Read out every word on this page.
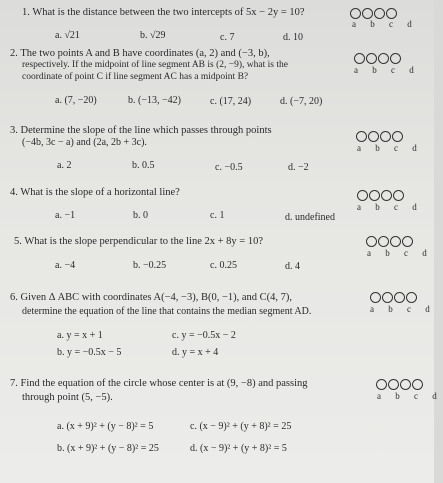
1. What is the distance between the two intercepts of 5x − 2y = 10?
a. √21	b. √29	c. 7	d. 10
a b c d
2. The two points A and B have coordinates (a, 2) and (−3, b),
respectively. If the midpoint of line segment AB is (2, −9), what is the
coordinate of point C if line segment AC has a midpoint B?
a. (7, −20)	b. (−13, −42)	c. (17, 24)	d. (−7, 20)
a b c d
3. Determine the slope of the line which passes through points
(−4b, 3c − a) and (2a, 2b + 3c).
a. 2	b. 0.5	c. −0.5	d. −2
a b c d
4. What is the slope of a horizontal line?
a. −1	b. 0	c. 1	d. undefined
a b c d
5. What is the slope perpendicular to the line 2x + 8y = 10?
a. −4	b. −0.25	c. 0.25	d. 4
a b c d
6. Given Δ ABC with coordinates A(−4, −3), B(0, −1), and C(4, 7),
determine the equation of the line that contains the median segment AD.
a. y = x + 1	c. y = −0.5x − 2
b. y = −0.5x − 5	d. y = x + 4
a b c d
7. Find the equation of the circle whose center is at (9, −8) and passing
through point (5, −5).
a. (x + 9)² + (y − 8)² = 5	c. (x − 9)² + (y + 8)² = 25
b. (x + 9)² + (y − 8)² = 25	d. (x − 9)² + (y + 8)² = 5
a b c d
